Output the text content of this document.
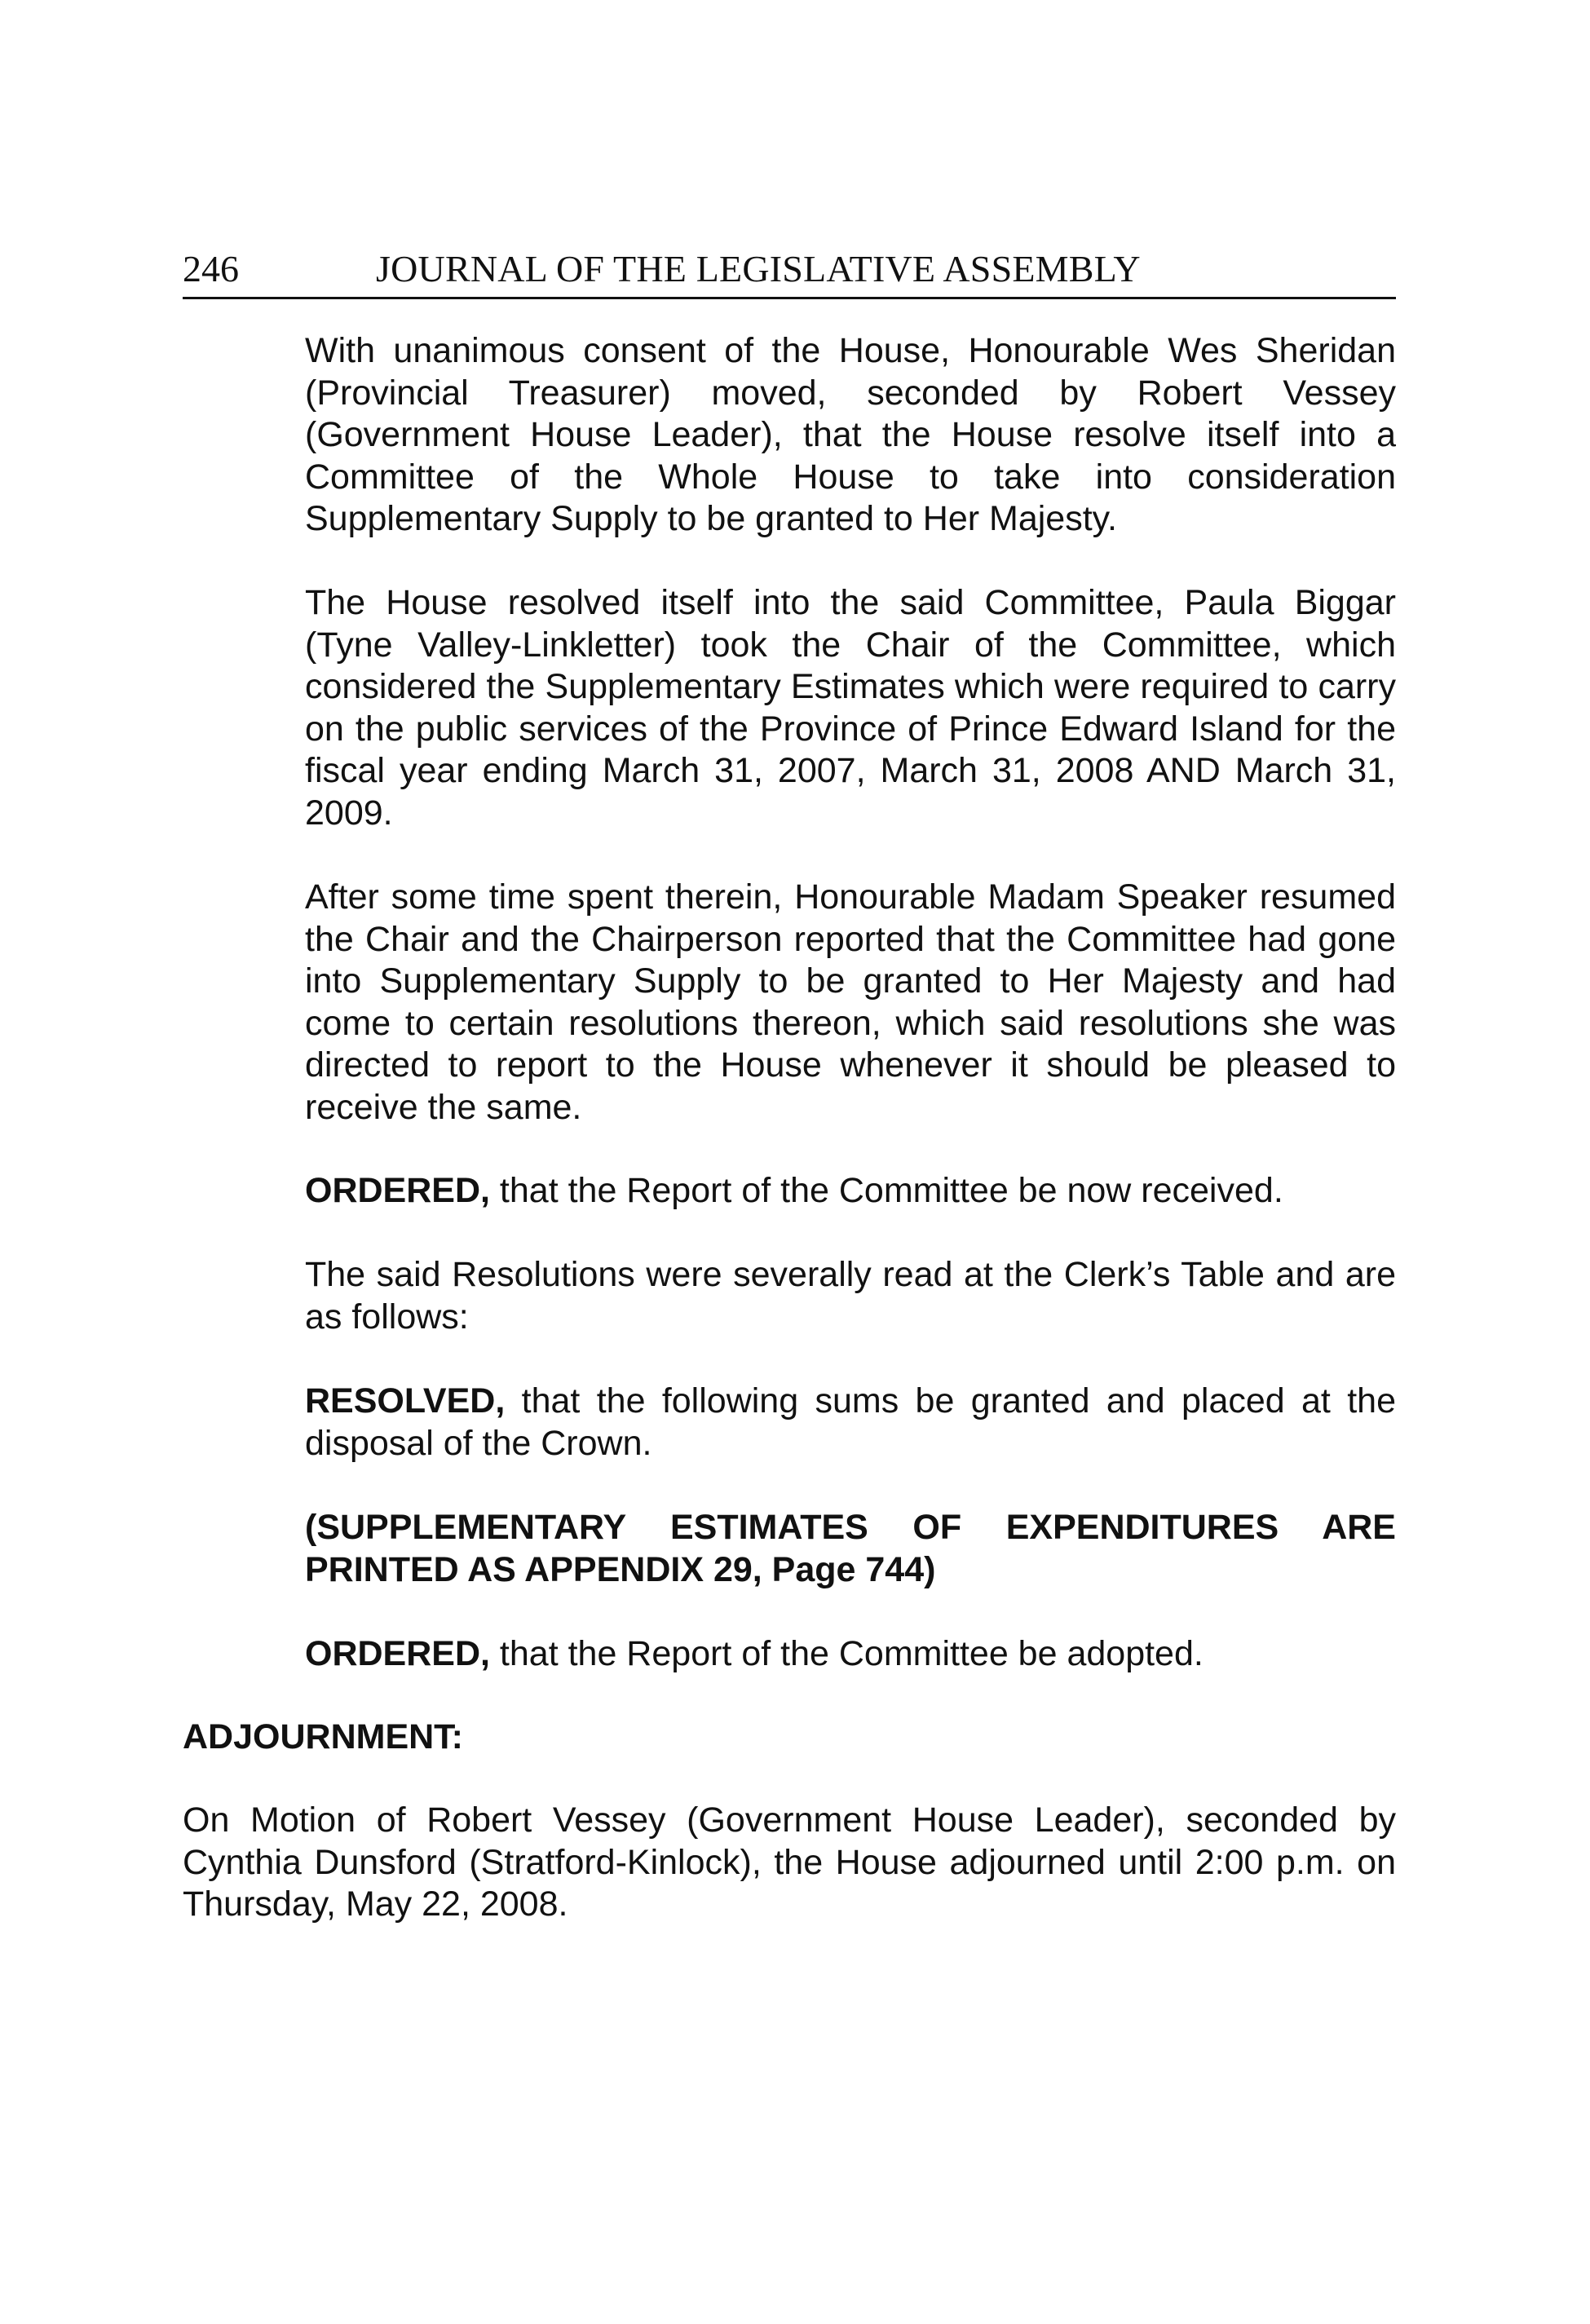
246	JOURNAL OF THE LEGISLATIVE ASSEMBLY

With unanimous consent of the House, Honourable Wes Sheridan (Provincial Treasurer) moved, seconded by Robert Vessey (Government House Leader), that the House resolve itself into a Committee of the Whole House to take into consideration Supplementary Supply to be granted to Her Majesty.

The House resolved itself into the said Committee, Paula Biggar (Tyne Valley-Linkletter) took the Chair of the Committee, which considered the Supplementary Estimates which were required to carry on the public services of the Province of Prince Edward Island for the fiscal year ending March 31, 2007, March 31, 2008 AND March 31, 2009.

After some time spent therein, Honourable Madam Speaker resumed the Chair and the Chairperson reported that the Committee had gone into Supplementary Supply to be granted to Her Majesty and had come to certain resolutions thereon, which said resolutions she was directed to report to the House whenever it should be pleased to receive the same.

ORDERED, that the Report of the Committee be now received.

The said Resolutions were severally read at the Clerk’s Table and are as follows:

RESOLVED, that the following sums be granted and placed at the disposal of the Crown.

(SUPPLEMENTARY ESTIMATES OF EXPENDITURES ARE PRINTED AS APPENDIX 29, Page 744)

ORDERED, that the Report of the Committee be adopted.

ADJOURNMENT:

On Motion of Robert Vessey (Government House Leader), seconded by Cynthia Dunsford (Stratford-Kinlock), the House adjourned until 2:00 p.m. on Thursday, May 22, 2008.
